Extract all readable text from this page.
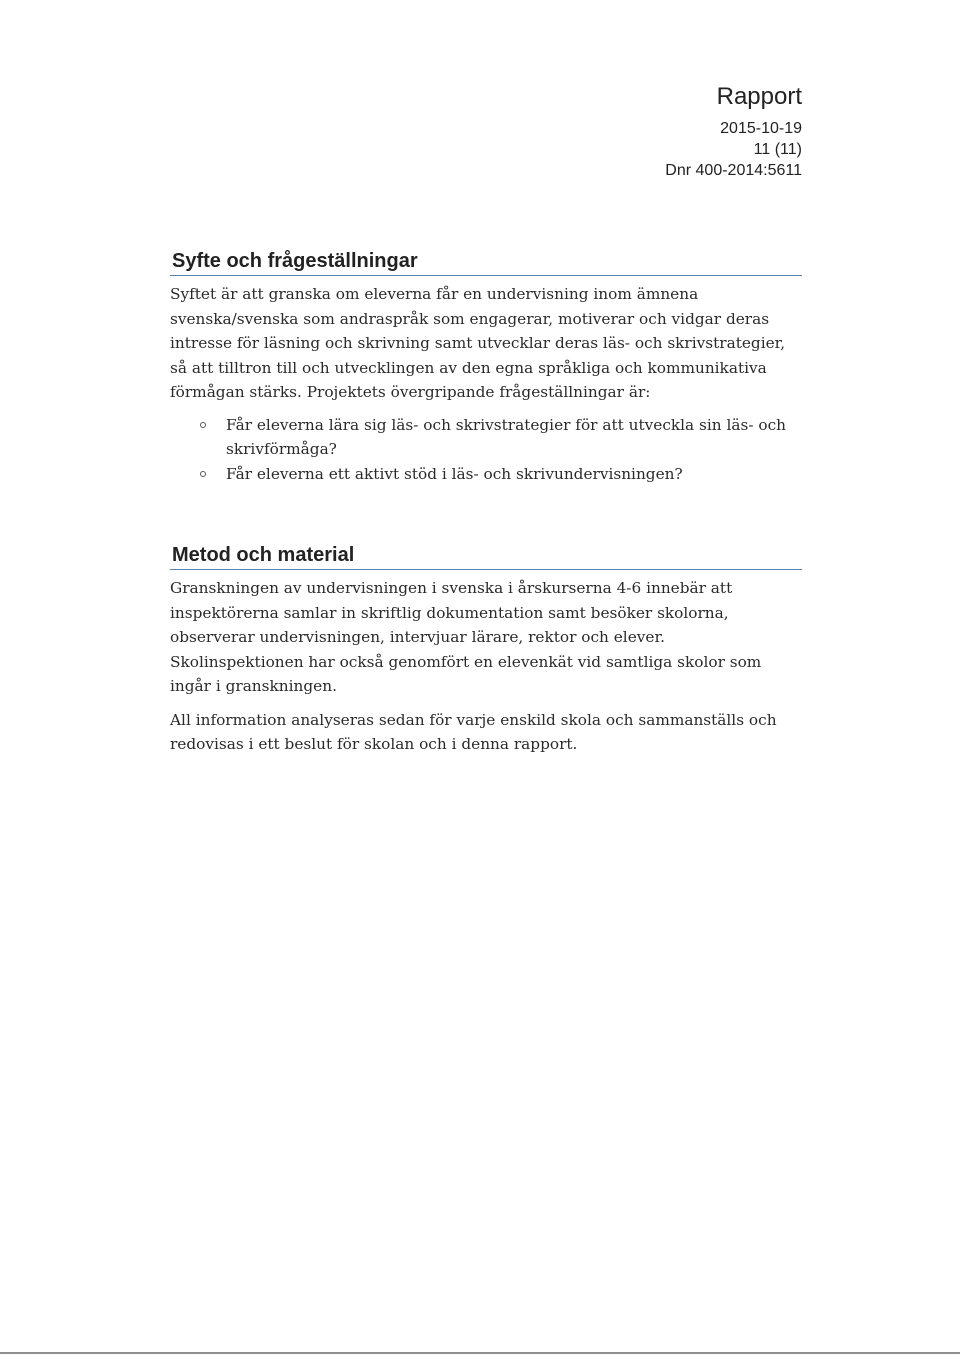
Rapport
2015-10-19
11 (11)
Dnr 400-2014:5611
Syfte och frågeställningar

Syftet är att granska om eleverna får en undervisning inom ämnena svenska/svenska som andraspråk som engagerar, motiverar och vidgar deras intresse för läsning och skrivning samt utvecklar deras läs- och skrivstrategier, så att tilltron till och utvecklingen av den egna språkliga och kommunikativa förmågan stärks. Projektets övergripande frågeställningar är:

Får eleverna lära sig läs- och skrivstrategier för att utveckla sin läs- och skrivförmåga?
Får eleverna ett aktivt stöd i läs- och skrivundervisningen?
Metod och material

Granskningen av undervisningen i svenska i årskurserna 4-6 innebär att inspektörerna samlar in skriftlig dokumentation samt besöker skolorna, observerar undervisningen, intervjuar lärare, rektor och elever. Skolinspektionen har också genomfört en elevenkät vid samtliga skolor som ingår i granskningen.

All information analyseras sedan för varje enskild skola och sammanställs och redovisas i ett beslut för skolan och i denna rapport.
